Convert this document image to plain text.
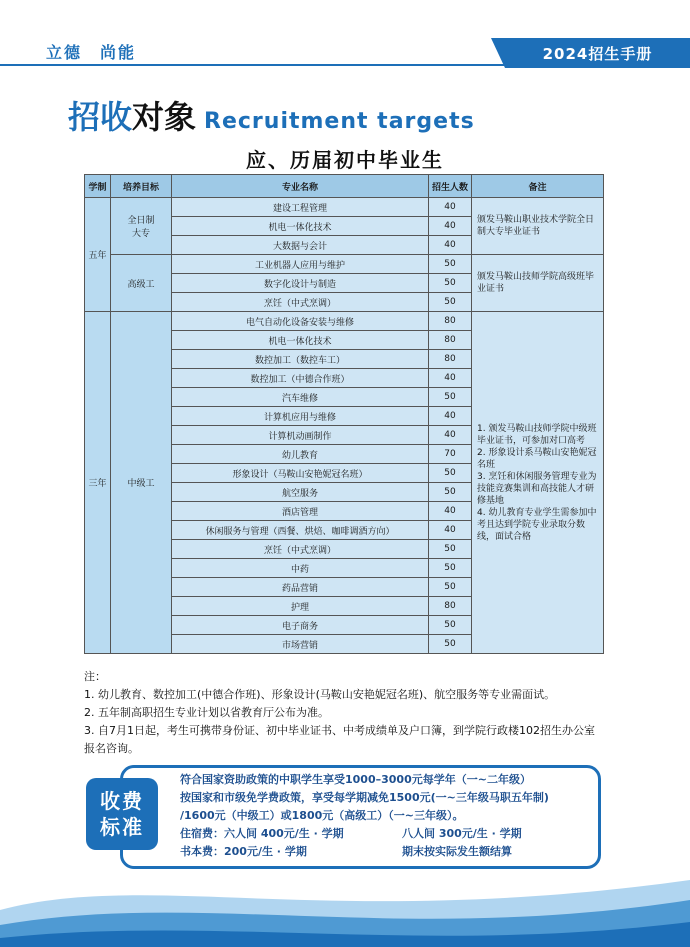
立德　尚能	2024招生手册
招收 对象 Recruitment targets
应、历届初中毕业生
学制	培养目标	专业名称	招生人数	备注
五年	全日制
大专	建设工程管理	40	颁发马鞍山职业技术学院全日制大专毕业证书
		机电一体化技术	40	
		大数据与会计	40	
	高级工	工业机器人应用与维护	50	颁发马鞍山技师学院高级班毕业证书
		数字化设计与制造	50	
		烹饪（中式烹调）	50	
三年	中级工	电气自动化设备安装与维修	80	1. 颁发马鞍山技师学院中级班毕业证书，可参加对口高考
2. 形象设计系马鞍山安艳妮冠名班
3. 烹饪和休闲服务管理专业为技能竞赛集训和高技能人才研修基地
4. 幼儿教育专业学生需参加中考且达到学院专业录取分数线，面试合格
		机电一体化技术	80	
		数控加工（数控车工）	80	
		数控加工（中德合作班）	40	
		汽车维修	50	
		计算机应用与维修	40	
		计算机动画制作	40	
		幼儿教育	70	
		形象设计（马鞍山安艳妮冠名班）	50	
		航空服务	50	
		酒店管理	40	
		休闲服务与管理（西餐、烘焙、咖啡调酒方向）	40	
		烹饪（中式烹调）	50	
		中药	50	
		药品营销	50	
		护理	80	
		电子商务	50	
		市场营销	50	

注：

1. 幼儿教育、数控加工(中德合作班)、形象设计(马鞍山安艳妮冠名班)、航空服务等专业需面试。

2. 五年制高职招生专业计划以省教育厅公布为准。

3. 自7月1日起，考生可携带身份证、初中毕业证书、中考成绩单及户口簿，到学院行政楼102招生办公室报名咨询。

收费
标准

符合国家资助政策的中职学生享受1000–3000元每学年（一~二年级）

按国家和市级免学费政策，享受每学期减免1500元(一~三年级马职五年制)

/1600元（中级工）或1800元（高级工）（一~三年级）。

住宿费：六人间 400元/生 · 学期	八人间 300元/生 · 学期

书本费：200元/生 · 学期	期末按实际发生额结算
